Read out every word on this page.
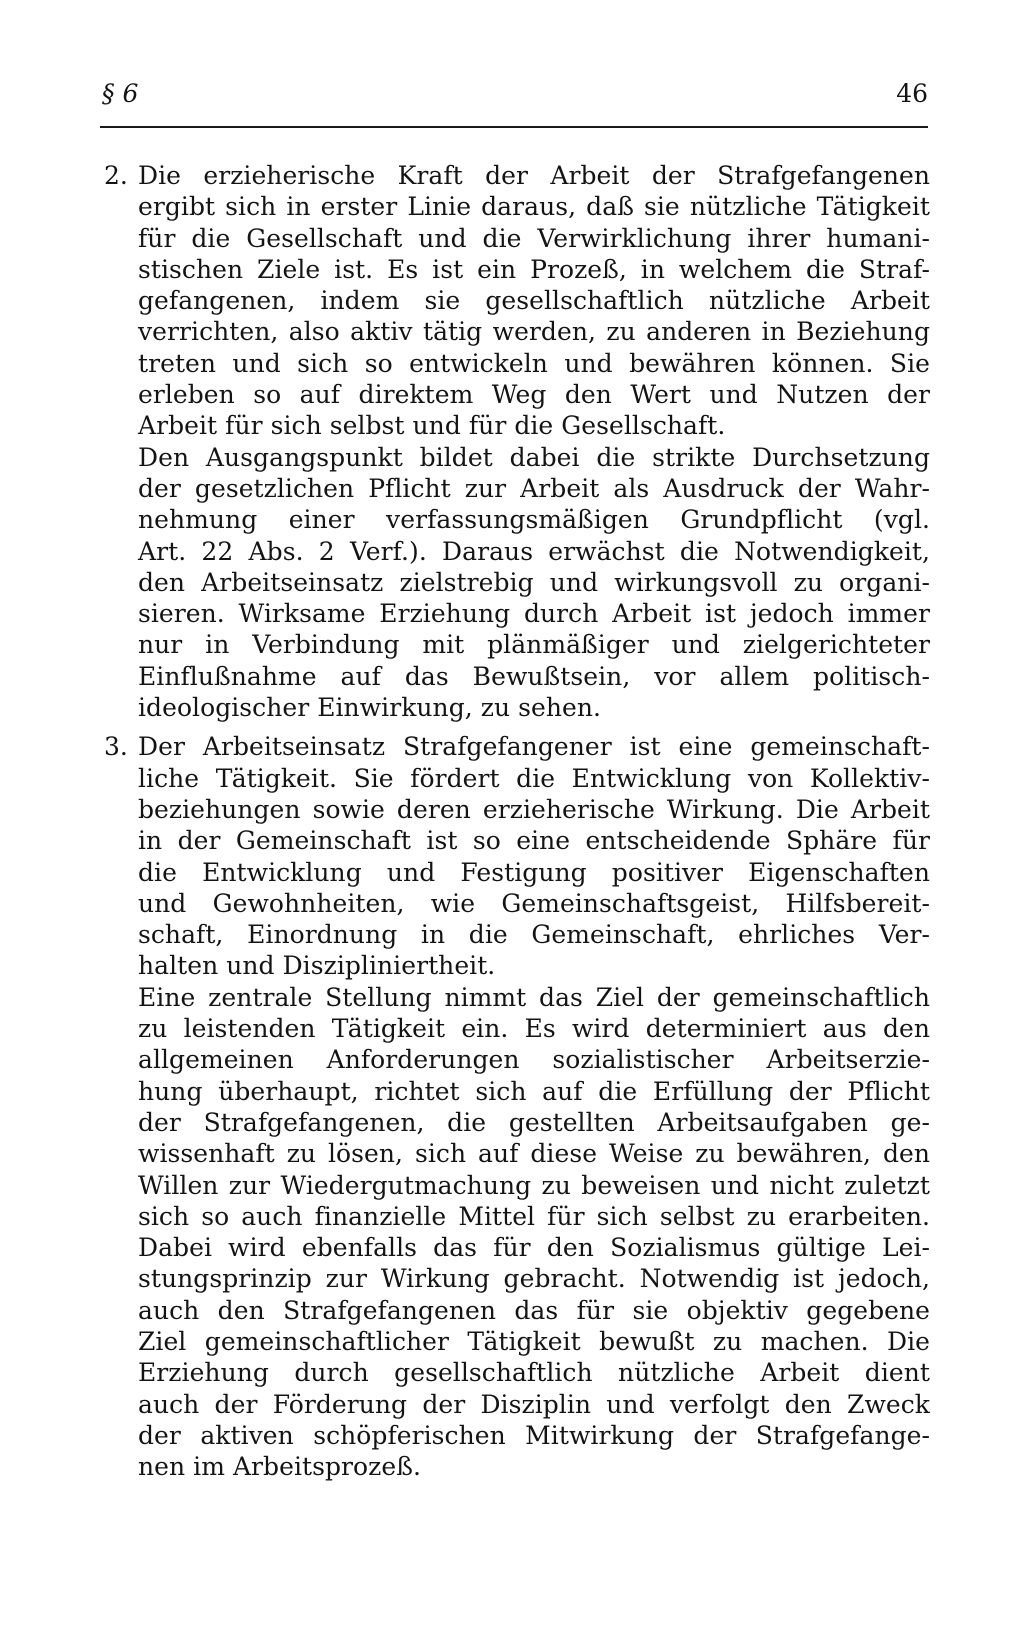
§ 6	46
2. Die erzieherische Kraft der Arbeit der Strafgefangenen
ergibt sich in erster Linie daraus, daß sie nützliche Tätigkeit
für die Gesellschaft und die Verwirklichung ihrer humani-
stischen Ziele ist. Es ist ein Prozeß, in welchem die Straf-
gefangenen, indem sie gesellschaftlich nützliche Arbeit
verrichten, also aktiv tätig werden, zu anderen in Beziehung
treten und sich so entwickeln und bewähren können. Sie
erleben so auf direktem Weg den Wert und Nutzen der
Arbeit für sich selbst und für die Gesellschaft.
Den Ausgangspunkt bildet dabei die strikte Durchsetzung
der gesetzlichen Pflicht zur Arbeit als Ausdruck der Wahr-
nehmung einer verfassungsmäßigen Grundpflicht (vgl.
Art. 22 Abs. 2 Verf.). Daraus erwächst die Notwendigkeit,
den Arbeitseinsatz zielstrebig und wirkungsvoll zu organi-
sieren. Wirksame Erziehung durch Arbeit ist jedoch immer
nur in Verbindung mit plänmäßiger und zielgerichteter
Einflußnahme auf das Bewußtsein, vor allem politisch-
ideologischer Einwirkung, zu sehen.
3. Der Arbeitseinsatz Strafgefangener ist eine gemeinschaft-
liche Tätigkeit. Sie fördert die Entwicklung von Kollektiv-
beziehungen sowie deren erzieherische Wirkung. Die Arbeit
in der Gemeinschaft ist so eine entscheidende Sphäre für
die Entwicklung und Festigung positiver Eigenschaften
und Gewohnheiten, wie Gemeinschaftsgeist, Hilfsbereit-
schaft, Einordnung in die Gemeinschaft, ehrliches Ver-
halten und Diszipliniertheit.
Eine zentrale Stellung nimmt das Ziel der gemeinschaftlich
zu leistenden Tätigkeit ein. Es wird determiniert aus den
allgemeinen Anforderungen sozialistischer Arbeitserzie-
hung überhaupt, richtet sich auf die Erfüllung der Pflicht
der Strafgefangenen, die gestellten Arbeitsaufgaben ge-
wissenhaft zu lösen, sich auf diese Weise zu bewähren, den
Willen zur Wiedergutmachung zu beweisen und nicht zuletzt
sich so auch finanzielle Mittel für sich selbst zu erarbeiten.
Dabei wird ebenfalls das für den Sozialismus gültige Lei-
stungsprinzip zur Wirkung gebracht. Notwendig ist jedoch,
auch den Strafgefangenen das für sie objektiv gegebene
Ziel gemeinschaftlicher Tätigkeit bewußt zu machen. Die
Erziehung durch gesellschaftlich nützliche Arbeit dient
auch der Förderung der Disziplin und verfolgt den Zweck
der aktiven schöpferischen Mitwirkung der Strafgefange-
nen im Arbeitsprozeß.
